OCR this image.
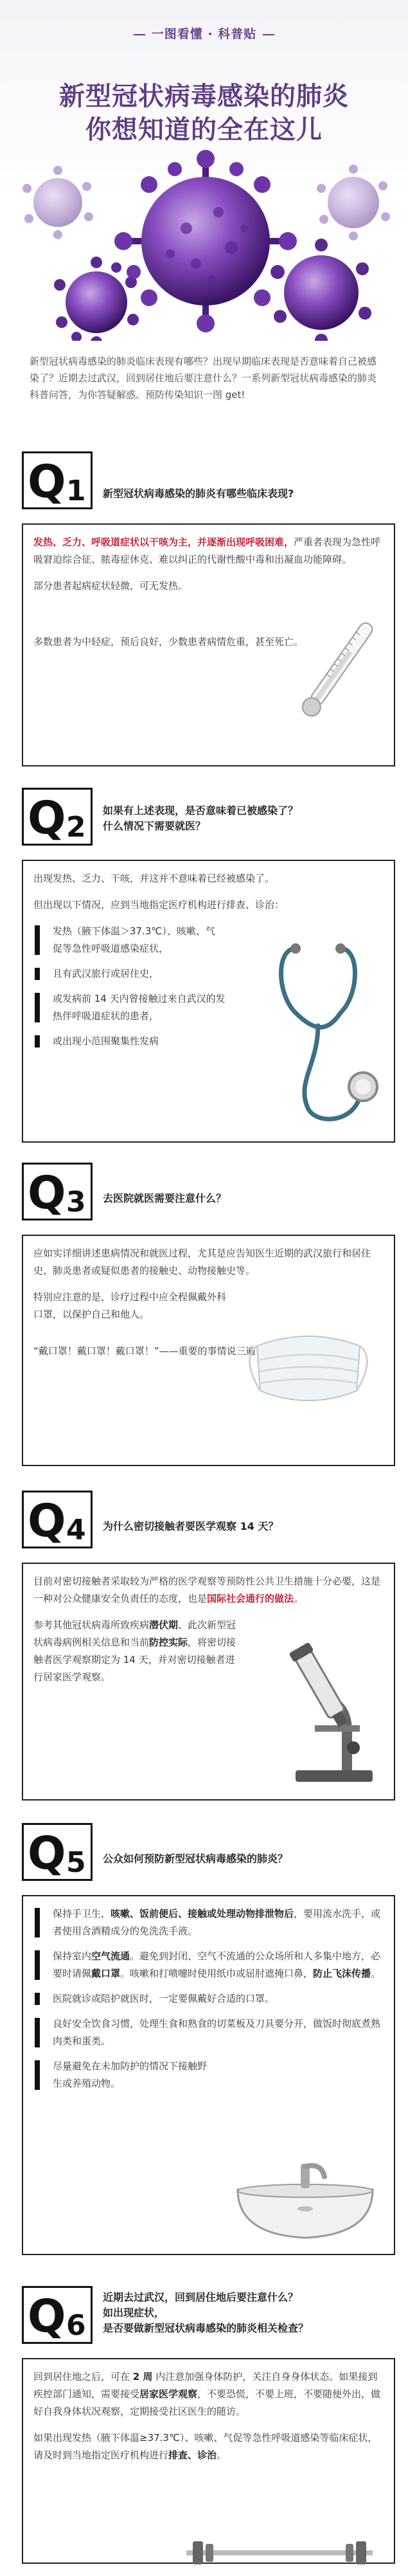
一图看懂 · 科普贴
新型冠状病毒感染的肺炎
你想知道的全在这儿
新型冠状病毒感染的肺炎临床表现有哪些？出现早期临床表现是否意味着自己被感染了？近期去过武汉，回到居住地后要注意什么？一系列新型冠状病毒感染的肺炎科普问答，为你答疑解惑。预防传染知识一图 get!
Q 1 新型冠状病毒感染的肺炎有哪些临床表现?

发热、乏力、呼吸道症状以干咳为主，并逐渐出现呼吸困难，严重者表现为急性呼吸窘迫综合征、脓毒症休克、难以纠正的代谢性酸中毒和出凝血功能障碍。

部分患者起病症状轻微，可无发热。

多数患者为中轻症，预后良好，少数患者病情危重，甚至死亡。

Q 2
如果有上述表现，是否意味着已被感染了？
什么情况下需要就医？

出现发热、乏力、干咳，并这并不意味着已经被感染了。

但出现以下情况，应到当地指定医疗机构进行排查、诊治：

发热（腋下体温＞37.3℃）、咳嗽、气促等急性呼吸道感染症状，
且有武汉旅行或居住史，
或发病前 14 天内曾接触过来自武汉的发热伴呼吸道症状的患者，
或出现小范围聚集性发病
Q 3 去医院就医需要注意什么？

应如实详细讲述患病情况和就医过程，尤其是应告知医生近期的武汉旅行和居住史、肺炎患者或疑似患者的接触史、动物接触史等。

特别应注意的是，诊疗过程中应全程佩戴外科口罩，以保护自己和他人。

“戴口罩！戴口罩！戴口罩！”——重要的事情说三遍

Q 4 为什么密切接触者要医学观察 14 天？

目前对密切接触者采取较为严格的医学观察等预防性公共卫生措施十分必要，这是一种对公众健康安全负责任的态度，也是国际社会通行的做法。

参考其他冠状病毒所致疾病潜伏期、此次新型冠状病毒病例相关信息和当前防控实际，将密切接触者医学观察期定为 14 天，并对密切接触者进行居家医学观察。

Q 5 公众如何预防新型冠状病毒感染的肺炎？
保持手卫生，咳嗽、饭前便后、接触或处理动物排泄物后，要用流水洗手，或者使用含酒精成分的免洗洗手液。
保持室内空气流通。避免到封闭、空气不流通的公众场所和人多集中地方，必要时请佩戴口罩。咳嗽和打喷嚏时使用纸巾或屈肘遮掩口鼻，防止飞沫传播。
医院就诊或陪护就医时，一定要佩戴好合适的口罩。
良好安全饮食习惯，处理生食和熟食的切菜板及刀具要分开，做饭时彻底煮熟肉类和蛋类。
尽量避免在未加防护的情况下接触野生或养殖动物。
Q 6
近期去过武汉，回到居住地后要注意什么？
如出现症状，
是否要做新型冠状病毒感染的肺炎相关检查？

回到居住地之后，可在 2 周 内注意加强身体防护，关注自身身体状态。如果接到疾控部门通知，需要接受居家医学观察，不要恐慌，不要上班，不要随便外出，做好自我身体状况观察，定期接受社区医生的随访。

如果出现发热（腋下体温≥37.3℃）、咳嗽、气促等急性呼吸道感染等临床症状，请及时到当地指定医疗机构进行排查、诊治。
